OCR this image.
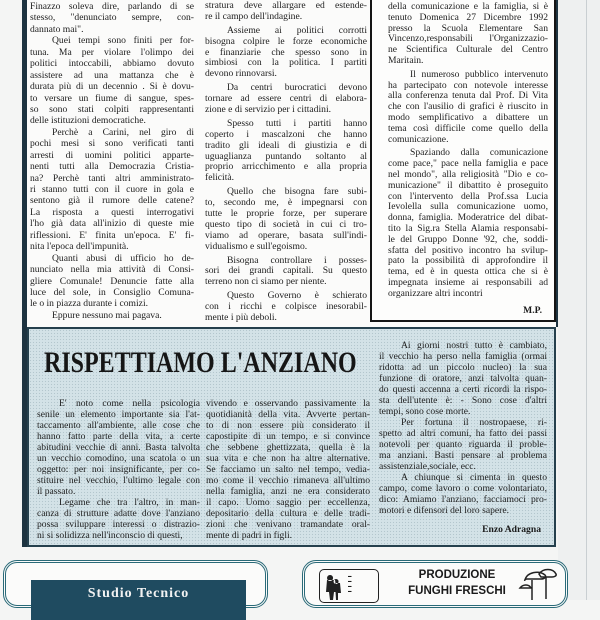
Finazzo soleva dire, parlando di se
stesso, "denunciato sempre, con-
dannato mai".
Quei tempi sono finiti per for-
tuna. Ma per violare l'olimpo dei
politici intoccabili, abbiamo dovuto
assistere ad una mattanza che è
durata più di un decennio . Si è dovu-
to versare un fiume di sangue, spes-
so sono stati colpiti rappresentanti
delle istituzioni democratiche.
Perchè a Carini, nel giro di
pochi mesi si sono verificati tanti
arresti di uomini politici apparte-
nenti tutti alla Democrazia Cristia-
na? Perchè tanti altri amministrato-
ri stanno tutti con il cuore in gola e
sentono già il rumore delle catene?
La risposta a questi interrogativi
l'ho già data all'inizio di queste mie
riflessioni. E' finita un'epoca. E' fi-
nita l'epoca dell'impunità.
Quanti abusi di ufficio ho de-
nunciato nella mia attività di Consi-
gliere Comunale! Denuncie fatte alla
luce del sole, in Consiglio Comuna-
le o in piazza durante i comizi.
Eppure nessuno mai pagava.
stratura deve allargare ed estende-
re il campo dell'indagine.
Assieme ai politici corrotti
bisogna colpire le forze economiche
e finanziarie che spesso sono in
simbiosi con la politica. I partiti
devono rinnovarsi.
Da centri burocratici devono
tornare ad essere centri di elabora-
zione e di servizio per i cittadini.
Spesso tutti i partiti hanno
coperto i mascalzoni che hanno
tradito gli ideali di giustizia e di
uguaglianza puntando soltanto al
proprio arricchimento e alla propria
felicità.
Quello che bisogna fare subi-
to, secondo me, è impegnarsi con
tutte le proprie forze, per superare
questo tipo di società in cui ci tro-
viamo ad operare, basata sull'indi-
vidualismo e sull'egoismo.
Bisogna controllare i posses-
sori dei grandi capitali. Su questo
terreno non ci siamo per niente.
Questo Governo è schierato
con i ricchi e colpisce inesorabil-
mente i più deboli.
della comunicazione e la famiglia, si è
tenuto Domenica 27 Dicembre 1992
presso la Scuola Elementare San
Vincenzo,responsabili l'Organizzazio-
ne Scientifica Culturale del Centro
Maritain.
Il numeroso pubblico intervenuto
ha partecipato con notevole interesse
alla conferenza tenuta dal Prof. Di Vita
che con l'ausilio di grafici è riuscito in
modo semplificativo a dibattere un
tema così difficile come quello della
comunicazione.
Spaziando dalla comunicazione
come pace," pace nella famiglia e pace
nel mondo", alla religiosità "Dio e co-
municazione" il dibattito è proseguito
con l'intervento della Prof.ssa Lucia
Ievolella sulla comunicazione uomo,
donna, famiglia. Moderatrice del dibat-
tito la Sig.ra Stella Alamia responsabi-
le del Gruppo Donne '92, che, soddi-
sfatta del positivo incontro ha svilup-
pato la possibilità di approfondire il
tema, ed è in questa ottica che si è
impegnata insieme ai responsabili ad
organizzare altri incontri
M.P.
RISPETTIAMO L'ANZIANO
E' noto come nella psicologia
senile un elemento importante sia l'at-
taccamento all'ambiente, alle cose che
hanno fatto parte della vita, a certe
abitudini vecchie di anni. Basta talvolta
un vecchio comodino, una scatola o un
oggetto: per noi insignificante, per co-
stituire nel vecchio, l'ultimo legale con
il passato.
Legame che tra l'altro, in man-
canza di strutture adatte dove l'anziano
possa sviluppare interessi o distrazio-
ni si solidizza nell'inconscio di questi,
vivendo e osservando passivamente la
quotidianità della vita. Avverte pertan-
to di non essere più considerato il
capostipite di un tempo, e si convince
che sebbene ghettizzata, quella è la
sua vita e che non ha altre alternative.
Se facciamo un salto nel tempo, vedia-
mo come il vecchio rimaneva all'ultimo
nella famiglia, anzi ne era considerato
il capo. Uomo saggio per eccellenza,
depositario della cultura e delle tradi-
zioni che venivano tramandate oral-
mente di padri in figli.
Ai giorni nostri tutto è cambiato,
il vecchio ha perso nella famiglia (ormai
ridotta ad un piccolo nucleo) la sua
funzione di oratore, anzi talvolta quan-
do questi accenna a certi ricordi la rispo-
sta dell'utente è: - Sono cose d'altri
tempi, sono cose morte.
Per fortuna il nostropaese, ri-
spetto ad altri comuni, ha fatto dei passi
notevoli per quanto riguarda il proble-
ma anziani. Basti pensare al problema
assistenziale,sociale, ecc.
A chiunque si cimenta in questo
campo, come lavoro o come volontariato,
dico: Amiamo l'anziano, facciamoci pro-
motori e difensori del loro sapere.
Enzo Adragna
Studio Tecnico
▬
▬
▬
▬
PRODUZIONE
FUNGHI FRESCHI
